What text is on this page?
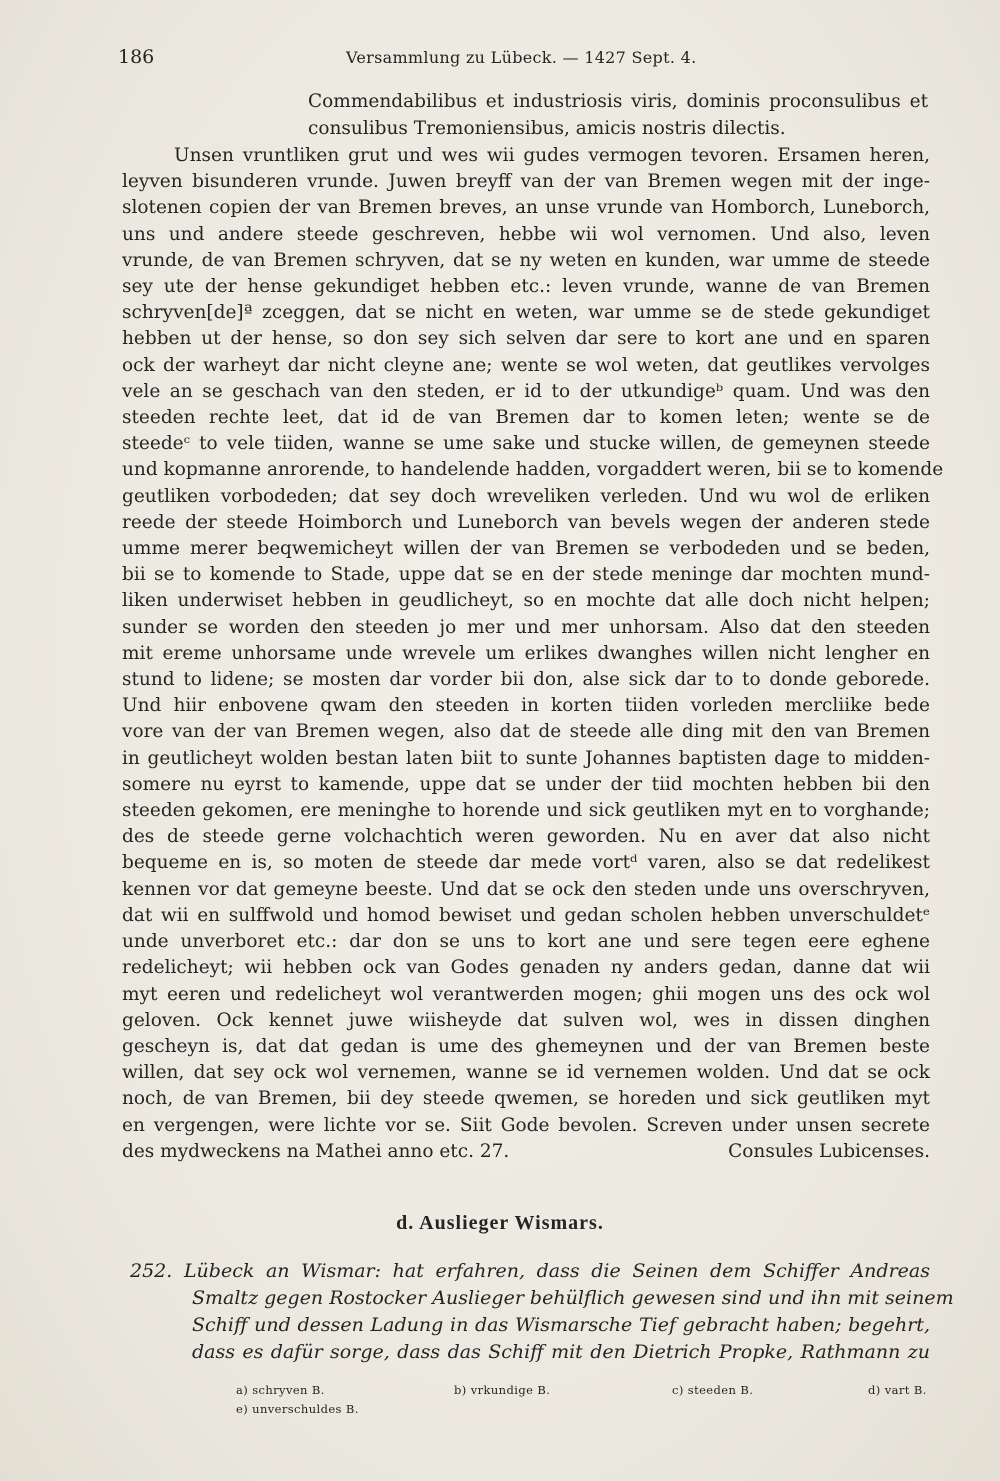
186	Versammlung zu Lübeck. — 1427 Sept. 4.
Commendabilibus et industriosis viris, dominis proconsulibus et
consulibus Tremoniensibus, amicis nostris dilectis.
Unsen vruntliken grut und wes wii gudes vermogen tevoren. Ersamen heren,
leyven bisunderen vrunde. Juwen breyff van der van Bremen wegen mit der inge-
slotenen copien der van Bremen breves, an unse vrunde van Homborch, Luneborch,
uns und andere steede geschreven, hebbe wii wol vernomen. Und also, leven
vrunde, de van Bremen schryven, dat se ny weten en kunden, war umme de steede
sey ute der hense gekundiget hebben etc.: leven vrunde, wanne de van Bremen
schryven[de]ª zceggen, dat se nicht en weten, war umme se de stede gekundiget
hebben ut der hense, so don sey sich selven dar sere to kort ane und en sparen
ock der warheyt dar nicht cleyne ane; wente se wol weten, dat geutlikes vervolges
vele an se geschach van den steden, er id to der utkundigeᵇ quam. Und was den
steeden rechte leet, dat id de van Bremen dar to komen leten; wente se de
steedeᶜ to vele tiiden, wanne se ume sake und stucke willen, de gemeynen steede
und kopmanne anrorende, to handelende hadden, vorgaddert weren, bii se to komende
geutliken vorbodeden; dat sey doch wreveliken verleden. Und wu wol de erliken
reede der steede Hoimborch und Luneborch van bevels wegen der anderen stede
umme merer beqwemicheyt willen der van Bremen se verbodeden und se beden,
bii se to komende to Stade, uppe dat se en der stede meninge dar mochten mund-
liken underwiset hebben in geudlicheyt, so en mochte dat alle doch nicht helpen;
sunder se worden den steeden jo mer und mer unhorsam. Also dat den steeden
mit ereme unhorsame unde wrevele um erlikes dwanghes willen nicht lengher en
stund to lidene; se mosten dar vorder bii don, alse sick dar to to donde geborede.
Und hiir enbovene qwam den steeden in korten tiiden vorleden mercliike bede
vore van der van Bremen wegen, also dat de steede alle ding mit den van Bremen
in geutlicheyt wolden bestan laten biit to sunte Johannes baptisten dage to midden-
somere nu eyrst to kamende, uppe dat se under der tiid mochten hebben bii den
steeden gekomen, ere meninghe to horende und sick geutliken myt en to vorghande;
des de steede gerne volchachtich weren geworden. Nu en aver dat also nicht
bequeme en is, so moten de steede dar mede vortᵈ varen, also se dat redelikest
kennen vor dat gemeyne beeste. Und dat se ock den steden unde uns overschryven,
dat wii en sulffwold und homod bewiset und gedan scholen hebben unverschuldetᵉ
unde unverboret etc.: dar don se uns to kort ane und sere tegen eere eghene
redelicheyt; wii hebben ock van Godes genaden ny anders gedan, danne dat wii
myt eeren und redelicheyt wol verantwerden mogen; ghii mogen uns des ock wol
geloven. Ock kennet juwe wiisheyde dat sulven wol, wes in dissen dinghen
gescheyn is, dat dat gedan is ume des ghemeynen und der van Bremen beste
willen, dat sey ock wol vernemen, wanne se id vernemen wolden. Und dat se ock
noch, de van Bremen, bii dey steede qwemen, se horeden und sick geutliken myt
en vergengen, were lichte vor se. Siit Gode bevolen. Screven under unsen secrete
des mydweckens na Mathei anno etc. 27.	Consules Lubicenses.
d. Auslieger Wismars.
252. Lübeck an Wismar: hat erfahren, dass die Seinen dem Schiffer Andreas
Smaltz gegen Rostocker Auslieger behülflich gewesen sind und ihn mit seinem
Schiff und dessen Ladung in das Wismarsche Tief gebracht haben; begehrt,
dass es dafür sorge, dass das Schiff mit den Dietrich Propke, Rathmann zu
a) schryven B.	b) vrkundige B.	c) steeden B.	d) vart B.
e) unverschuldes B.
